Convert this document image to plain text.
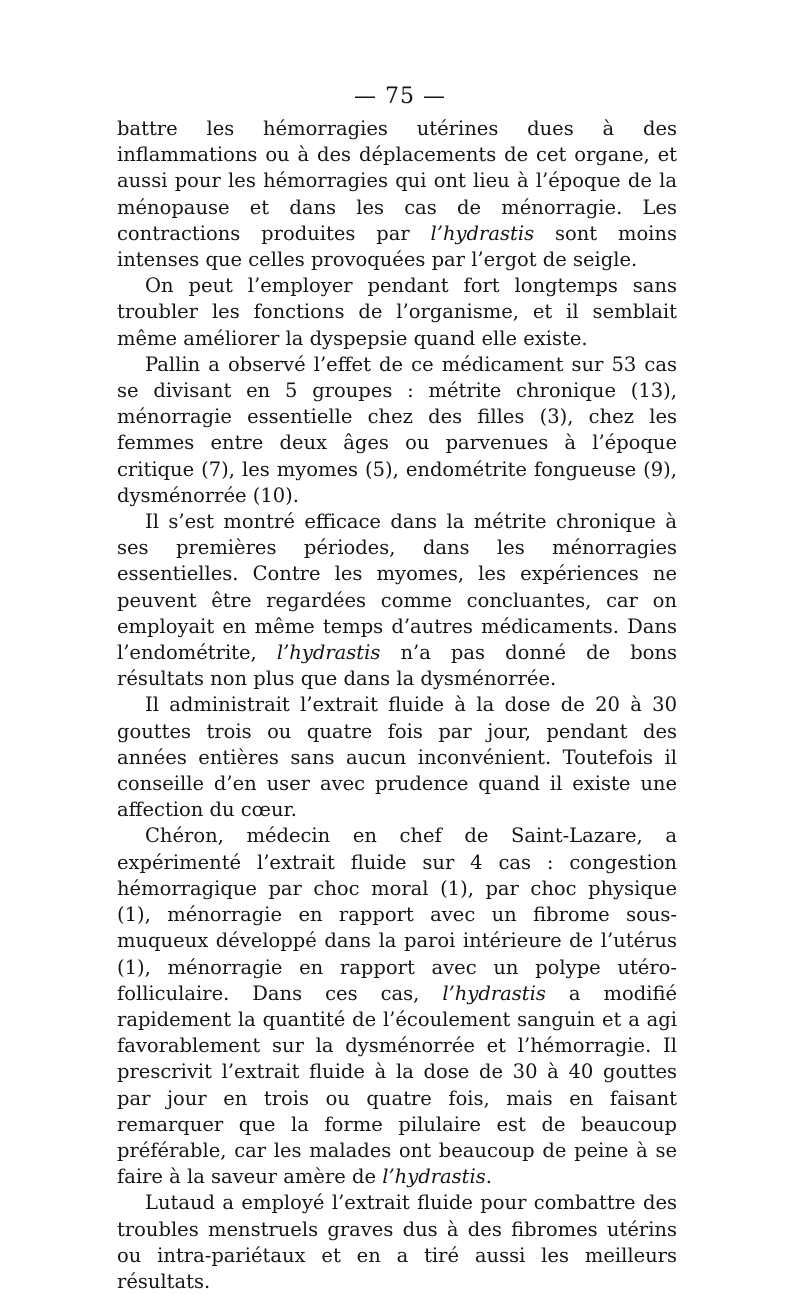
— 75 —

battre les hémorragies utérines dues à des inflammations ou à des déplacements de cet organe, et aussi pour les hémorragies qui ont lieu à l’époque de la ménopause et dans les cas de ménorragie. Les contractions produites par l’hydrastis sont moins intenses que celles provoquées par l’ergot de seigle.

On peut l’employer pendant fort longtemps sans troubler les fonctions de l’organisme, et il semblait même améliorer la dyspepsie quand elle existe.

Pallin a observé l’effet de ce médicament sur 53 cas se divisant en 5 groupes : métrite chronique (13), ménorragie essentielle chez des filles (3), chez les femmes entre deux âges ou parvenues à l’époque critique (7), les myomes (5), endométrite fongueuse (9), dysménorrée (10).

Il s’est montré efficace dans la métrite chronique à ses premières périodes, dans les ménorragies essentielles. Contre les myomes, les expériences ne peuvent être regardées comme concluantes, car on employait en même temps d’autres médicaments. Dans l’endométrite, l’hydrastis n’a pas donné de bons résultats non plus que dans la dysménorrée.

Il administrait l’extrait fluide à la dose de 20 à 30 gouttes trois ou quatre fois par jour, pendant des années entières sans aucun inconvénient. Toutefois il conseille d’en user avec prudence quand il existe une affection du cœur.

Chéron, médecin en chef de Saint-Lazare, a expérimenté l’extrait fluide sur 4 cas : congestion hémorragique par choc moral (1), par choc physique (1), ménorragie en rapport avec un fibrome sous-muqueux développé dans la paroi intérieure de l’utérus (1), ménorragie en rapport avec un polype utéro-folliculaire. Dans ces cas, l’hydrastis a modifié rapidement la quantité de l’écoulement sanguin et a agi favorablement sur la dysménorrée et l’hémorragie. Il prescrivit l’extrait fluide à la dose de 30 à 40 gouttes par jour en trois ou quatre fois, mais en faisant remarquer que la forme pilulaire est de beaucoup préférable, car les malades ont beaucoup de peine à se faire à la saveur amère de l’hydrastis.

Lutaud a employé l’extrait fluide pour combattre des troubles menstruels graves dus à des fibromes utérins ou intra-pariétaux et en a tiré aussi les meilleurs résultats.
